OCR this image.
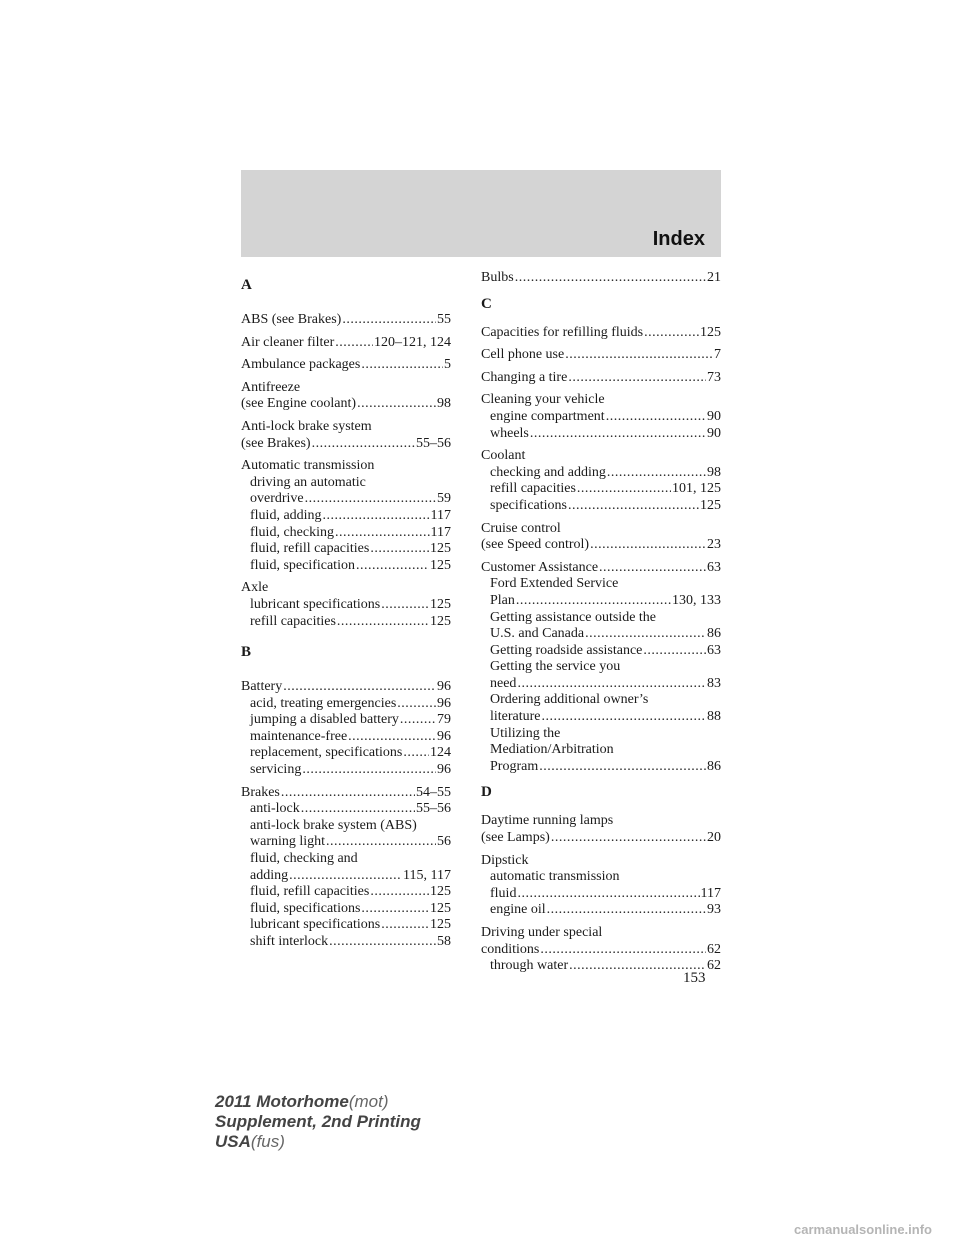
Index
A
ABS (see Brakes) .....	55
Air cleaner filter .....	120–121, 124
Ambulance packages .....	5
Antifreeze
(see Engine coolant) .....	98
Anti-lock brake system
(see Brakes) .....	55–56
Automatic transmission
driving an automatic
overdrive .....	59
fluid, adding .....	117
fluid, checking .....	117
fluid, refill capacities .....	125
fluid, specification .....	125
Axle
lubricant specifications .....	125
refill capacities .....	125
B
Battery .....	96
acid, treating emergencies .....	96
jumping a disabled battery .....	79
maintenance-free .....	96
replacement, specifications ..... 124
servicing .....	96
Brakes .....	54–55
anti-lock .....	55–56
anti-lock brake system (ABS)
warning light .....	56
fluid, checking and
adding .....	115, 117
fluid, refill capacities .....	125
fluid, specifications .....	125
lubricant specifications .....	125
shift interlock .....	58
Bulbs .....	21
C
Capacities for refilling fluids .....	125
Cell phone use .....	7
Changing a tire .....	73
Cleaning your vehicle
engine compartment .....	90
wheels .....	90
Coolant
checking and adding .....	98
refill capacities .....	101, 125
specifications .....	125
Cruise control
(see Speed control) .....	23
Customer Assistance .....	63
Ford Extended Service
Plan .....	130, 133
Getting assistance outside the
U.S. and Canada .....	86
Getting roadside assistance .....	63
Getting the service you
need .....	83
Ordering additional owner’s
literature .....	88
Utilizing the
Mediation/Arbitration
Program .....	86
D
Daytime running lamps
(see Lamps) .....	20
Dipstick
automatic transmission
fluid .....	117
engine oil .....	93
Driving under special
conditions .....	62
through water .....	62
153
2011 Motorhome(mot)
Supplement, 2nd Printing
USA(fus)
carmanualsonline.info
